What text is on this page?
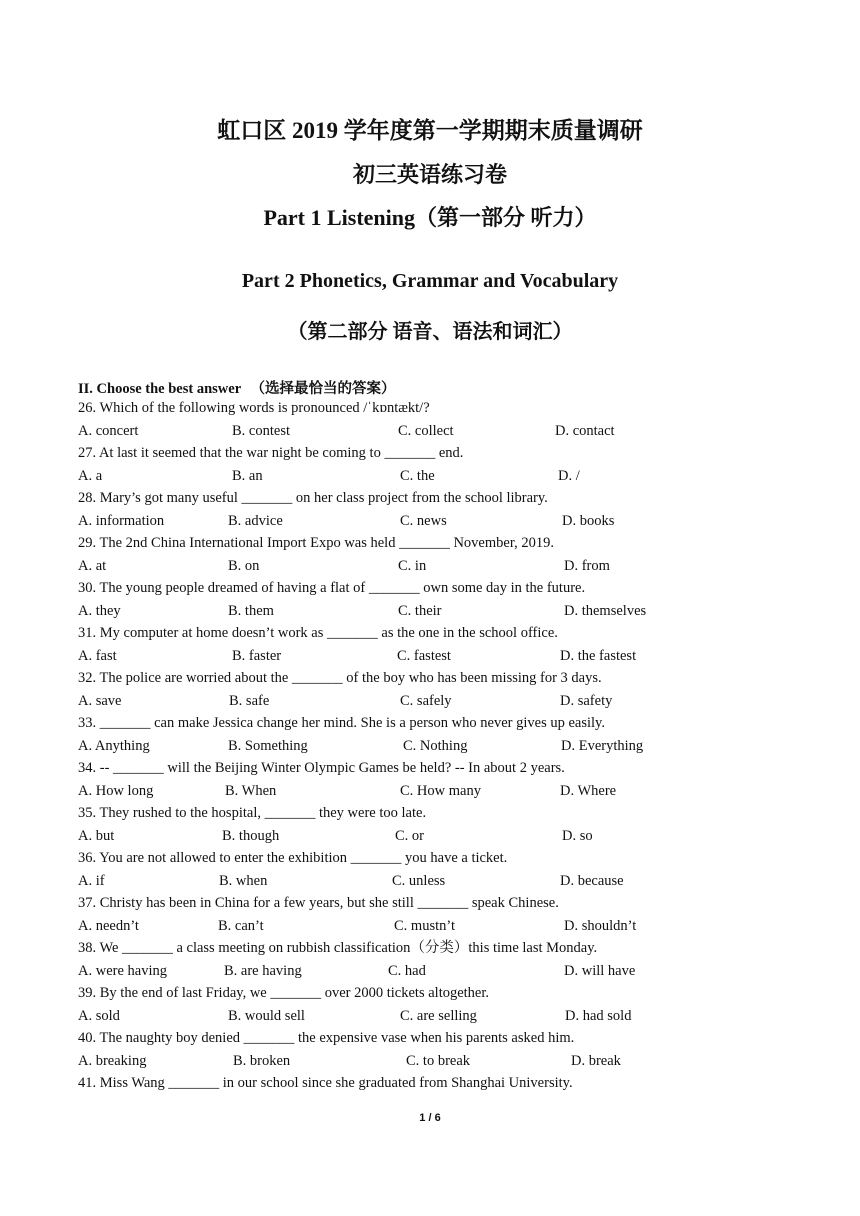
虹口区 2019 学年度第一学期期末质量调研
初三英语练习卷
Part 1 Listening（第一部分 听力）
Part 2 Phonetics, Grammar and Vocabulary
（第二部分 语音、语法和词汇）
II. Choose the best answer （选择最恰当的答案）
26. Which of the following words is pronounced /ˈkɒntækt/?
A. concert	B. contest	C. collect	D. contact
27. At last it seemed that the war night be coming to _______ end.
A. a	B. an	C. the	D. /
28. Mary’s got many useful _______ on her class project from the school library.
A. information	B. advice	C. news	D. books
29. The 2nd China International Import Expo was held _______ November, 2019.
A. at	B. on	C. in	D. from
30. The young people dreamed of having a flat of _______ own some day in the future.
A. they	B. them	C. their	D. themselves
31. My computer at home doesn’t work as _______ as the one in the school office.
A. fast	B. faster	C. fastest	D. the fastest
32. The police are worried about the _______ of the boy who has been missing for 3 days.
A. save	B. safe	C. safely	D. safety
33. _______ can make Jessica change her mind. She is a person who never gives up easily.
A. Anything	B. Something	C. Nothing	D. Everything
34. -- _______ will the Beijing Winter Olympic Games be held? -- In about 2 years.
A. How long	B. When	C. How many	D. Where
35. They rushed to the hospital, _______ they were too late.
A. but	B. though	C. or	D. so
36. You are not allowed to enter the exhibition _______ you have a ticket.
A. if	B. when	C. unless	D. because
37. Christy has been in China for a few years, but she still _______ speak Chinese.
A. needn’t	B. can’t	C. mustn’t	D. shouldn’t
38. We _______ a class meeting on rubbish classification（分类）this time last Monday.
A. were having	B. are having	C. had	D. will have
39. By the end of last Friday, we _______ over 2000 tickets altogether.
A. sold	B. would sell	C. are selling	D. had sold
40. The naughty boy denied _______ the expensive vase when his parents asked him.
A. breaking	B. broken	C. to break	D. break
41. Miss Wang _______ in our school since she graduated from Shanghai University.
1 / 6
